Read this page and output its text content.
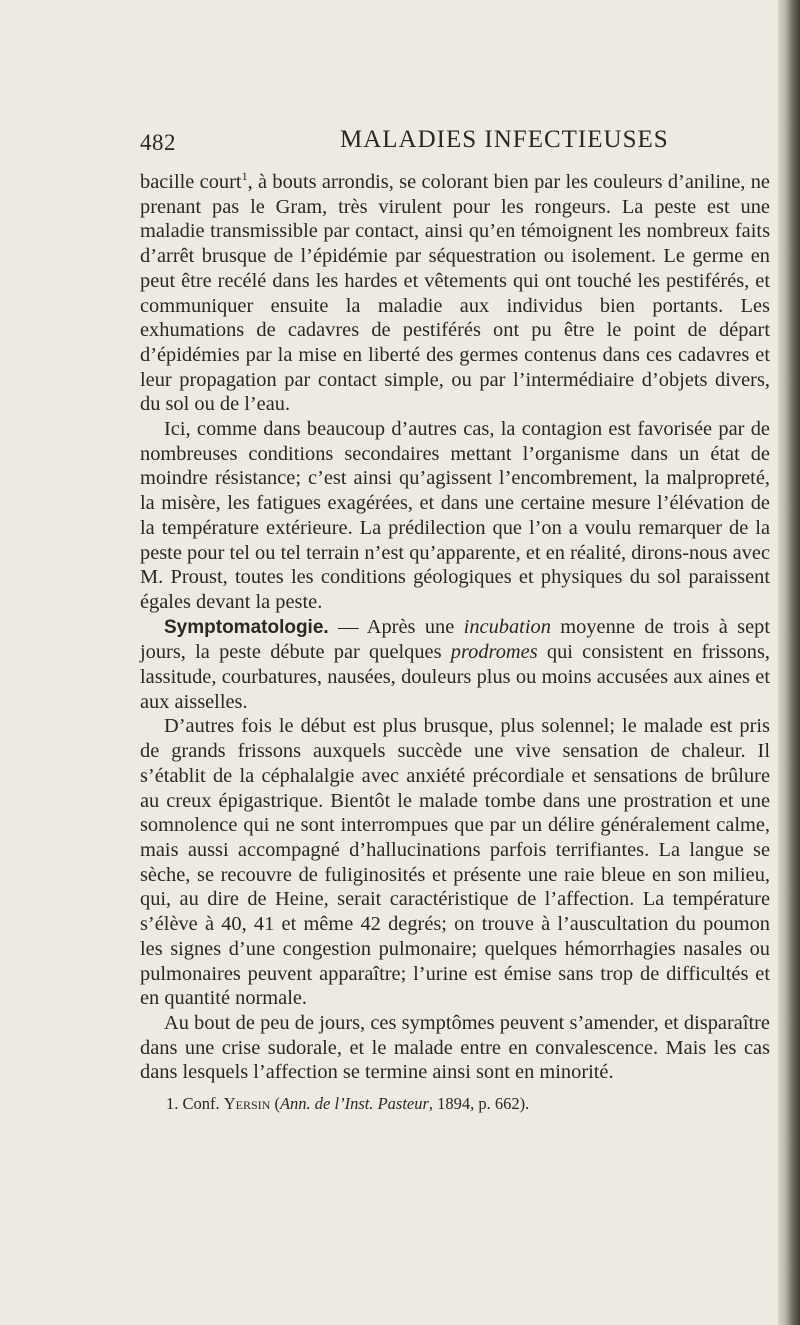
482	MALADIES INFECTIEUSES

bacille court$^1$, à bouts arrondis, se colorant bien par les couleurs d’aniline, ne prenant pas le Gram, très virulent pour les rongeurs. La peste est une maladie transmissible par contact, ainsi qu’en témoignent les nombreux faits d’arrêt brusque de l’épidémie par séquestration ou isolement. Le germe en peut être recélé dans les hardes et vêtements qui ont touché les pestiférés, et communiquer ensuite la maladie aux individus bien portants. Les exhumations de cadavres de pestiférés ont pu être le point de départ d’épidémies par la mise en liberté des germes contenus dans ces cadavres et leur propagation par contact simple, ou par l’intermédiaire d’objets divers, du sol ou de l’eau.

Ici, comme dans beaucoup d’autres cas, la contagion est favorisée par de nombreuses conditions secondaires mettant l’organisme dans un état de moindre résistance; c’est ainsi qu’agissent l’encombrement, la malpropreté, la misère, les fatigues exagérées, et dans une certaine mesure l’élévation de la température extérieure. La prédilection que l’on a voulu remarquer de la peste pour tel ou tel terrain n’est qu’apparente, et en réalité, dirons-nous avec M. Proust, toutes les conditions géologiques et physiques du sol paraissent égales devant la peste.

Symptomatologie. — Après une incubation moyenne de trois à sept jours, la peste débute par quelques prodromes qui consistent en frissons, lassitude, courbatures, nausées, douleurs plus ou moins accusées aux aines et aux aisselles.

D’autres fois le début est plus brusque, plus solennel; le malade est pris de grands frissons auxquels succède une vive sensation de chaleur. Il s’établit de la céphalalgie avec anxiété précordiale et sensations de brûlure au creux épigastrique. Bientôt le malade tombe dans une prostration et une somnolence qui ne sont interrompues que par un délire généralement calme, mais aussi accompagné d’hallucinations parfois terrifiantes. La langue se sèche, se recouvre de fuliginosités et présente une raie bleue en son milieu, qui, au dire de Heine, serait caractéristique de l’affection. La température s’élève à 40, 41 et même 42 degrés; on trouve à l’auscultation du poumon les signes d’une congestion pulmonaire; quelques hémorrhagies nasales ou pulmonaires peuvent apparaître; l’urine est émise sans trop de difficultés et en quantité normale.

Au bout de peu de jours, ces symptômes peuvent s’amender, et disparaître dans une crise sudorale, et le malade entre en convalescence. Mais les cas dans lesquels l’affection se termine ainsi sont en minorité.

1. Conf. Yersin (Ann. de l’Inst. Pasteur, 1894, p. 662).
